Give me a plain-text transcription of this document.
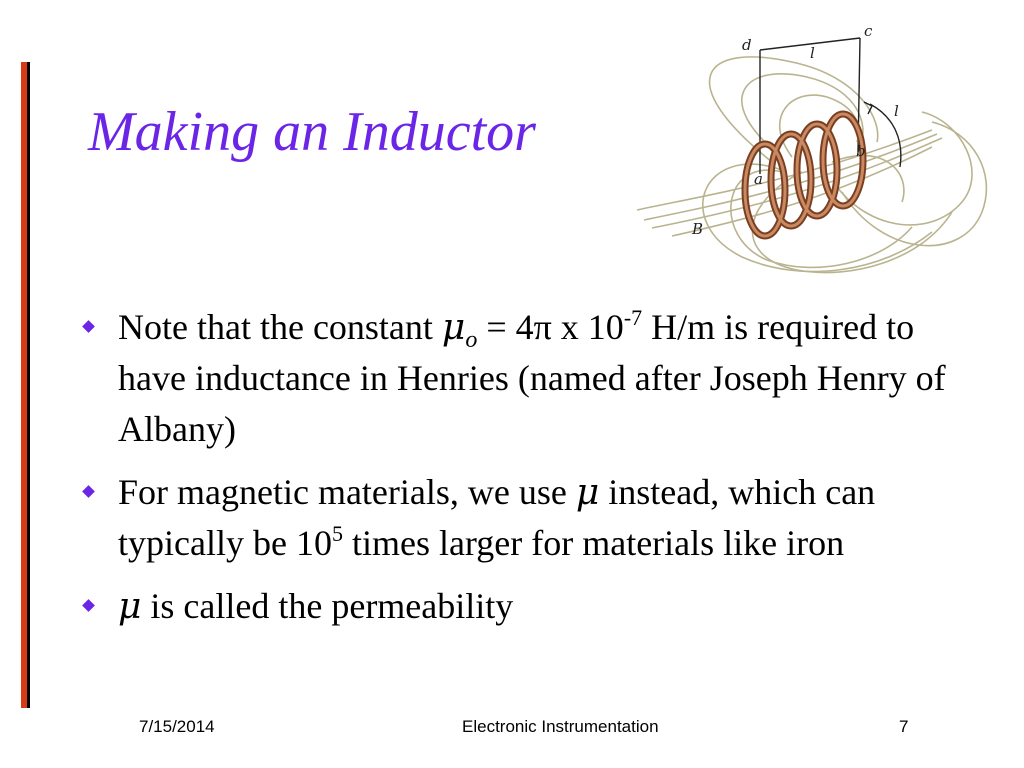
Making an Inductor
d
c
l
l
a
b
B
Note that the constant $\mu_o = 4\pi$ x $10^{-7}$ H/m is required to have inductance in Henries (named after Joseph Henry of Albany)
For magnetic materials, we use μ instead, which can typically be $10^5$ times larger for materials like iron
μ is called the permeability
7/15/2014	Electronic Instrumentation	7
